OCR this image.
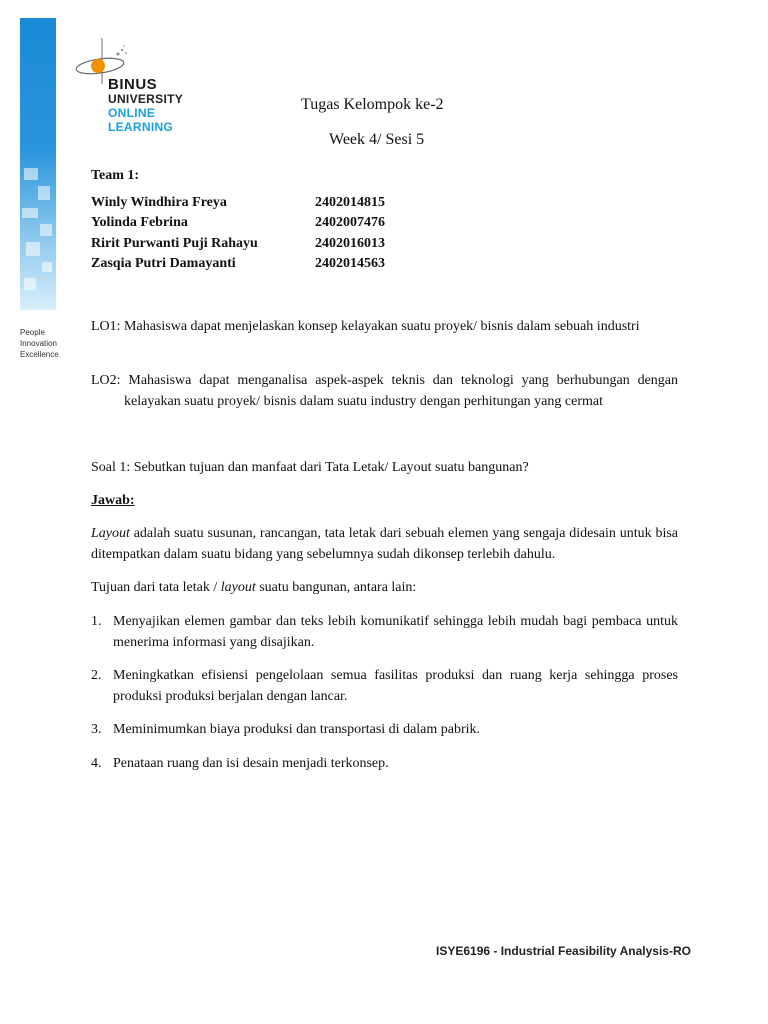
People
Innovation
Excellence
BINUS
UNIVERSITY
ONLINE
LEARNING
Tugas Kelompok ke-2
Week 4/ Sesi 5
Team 1:
Winly Windhira Freya	2402014815
Yolinda Febrina	2402007476
Ririt Purwanti Puji Rahayu	2402016013
Zasqia Putri Damayanti	2402014563
LO1: Mahasiswa dapat menjelaskan konsep kelayakan suatu proyek/ bisnis dalam sebuah industri
LO2: Mahasiswa dapat menganalisa aspek-aspek teknis dan teknologi yang berhubungan dengan kelayakan suatu proyek/ bisnis dalam suatu industry dengan perhitungan yang cermat
Soal 1: Sebutkan tujuan dan manfaat dari Tata Letak/ Layout suatu bangunan?
Jawab:
Layout adalah suatu susunan, rancangan, tata letak dari sebuah elemen yang sengaja didesain untuk bisa ditempatkan dalam suatu bidang yang sebelumnya sudah dikonsep terlebih dahulu.
Tujuan dari tata letak / layout suatu bangunan, antara lain:
1. Menyajikan elemen gambar dan teks lebih komunikatif sehingga lebih mudah bagi pembaca untuk menerima informasi yang disajikan.
2. Meningkatkan efisiensi pengelolaan semua fasilitas produksi dan ruang kerja sehingga proses produksi produksi berjalan dengan lancar.
3. Meminimumkan biaya produksi dan transportasi di dalam pabrik.
4. Penataan ruang dan isi desain menjadi terkonsep.
ISYE6196 - Industrial Feasibility Analysis-RO
